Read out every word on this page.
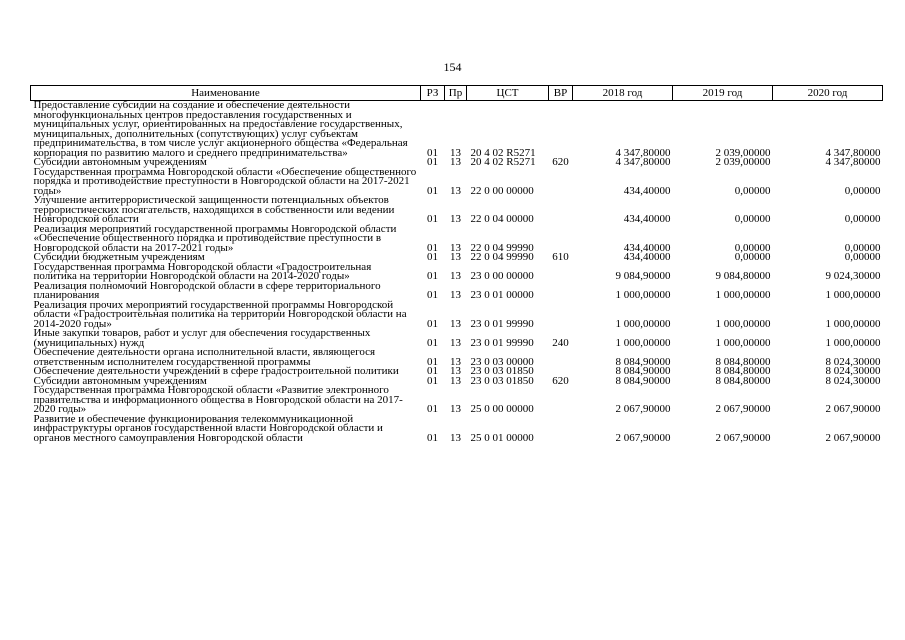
154
Наименование	РЗ	Пр	ЦСТ	ВР	2018 год	2019 год	2020 год
Предоставление субсидии на создание и обеспечение деятельности многофункциональных центров предоставления государственных и муниципальных услуг, ориентированных на предоставление государственных, муниципальных, дополнительных (сопутствующих) услуг субъектам предпринимательства, в том числе услуг акционерного общества «Федеральная корпорация по развитию малого и среднего предпринимательства»	01	13	20 4 02 R5271		4 347,80000	2 039,00000	4 347,80000
Субсидии автономным учреждениям	01	13	20 4 02 R5271	620	4 347,80000	2 039,00000	4 347,80000
Государственная программа Новгородской области «Обеспечение общественного порядка и противодействие преступности в Новгородской области на 2017-2021 годы»	01	13	22 0 00 00000		434,40000	0,00000	0,00000
Улучшение антитеррористической защищенности потенциальных объектов террористических посягательств, находящихся в собственности или ведении Новгородской области	01	13	22 0 04 00000		434,40000	0,00000	0,00000
Реализация мероприятий государственной программы Новгородской области «Обеспечение общественного порядка и противодействие преступности в Новгородской области на 2017-2021 годы»	01	13	22 0 04 99990		434,40000	0,00000	0,00000
Субсидии бюджетным учреждениям	01	13	22 0 04 99990	610	434,40000	0,00000	0,00000
Государственная программа Новгородской области «Градостроительная политика на территории Новгородской области на 2014-2020 годы»	01	13	23 0 00 00000		9 084,90000	9 084,80000	9 024,30000
Реализация полномочий Новгородской области в сфере территориального планирования	01	13	23 0 01 00000		1 000,00000	1 000,00000	1 000,00000
Реализация прочих мероприятий государственной программы Новгородской области «Градостроительная политика на территории Новгородской области на 2014-2020 годы»	01	13	23 0 01 99990		1 000,00000	1 000,00000	1 000,00000
Иные закупки товаров, работ и услуг для обеспечения государственных (муниципальных) нужд	01	13	23 0 01 99990	240	1 000,00000	1 000,00000	1 000,00000
Обеспечение деятельности органа исполнительной власти, являющегося ответственным исполнителем государственной программы	01	13	23 0 03 00000		8 084,90000	8 084,80000	8 024,30000
Обеспечение деятельности учреждений в сфере градостроительной политики	01	13	23 0 03 01850		8 084,90000	8 084,80000	8 024,30000
Субсидии автономным учреждениям	01	13	23 0 03 01850	620	8 084,90000	8 084,80000	8 024,30000
Государственная программа Новгородской области «Развитие электронного правительства и информационного общества в Новгородской области на 2017-2020 годы»	01	13	25 0 00 00000		2 067,90000	2 067,90000	2 067,90000
Развитие и обеспечение функционирования телекоммуникационной инфраструктуры органов государственной власти Новгородской области и органов местного самоуправления Новгородской области	01	13	25 0 01 00000		2 067,90000	2 067,90000	2 067,90000
